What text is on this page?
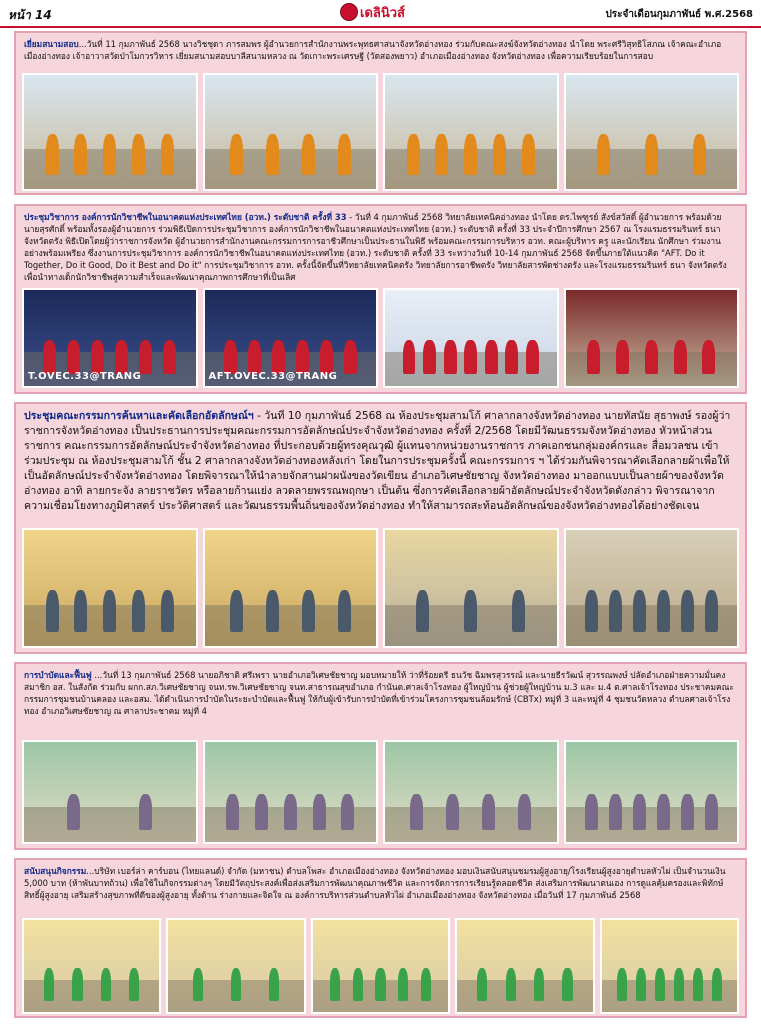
หน้า 14	เดลินิวส์	ประจำเดือนกุมภาพันธ์ พ.ศ.2568
เยี่ยมสนามสอบ...วันที่ 11 กุมภาพันธ์ 2568 นางวิชชุดา ภารสมพร ผู้อำนวยการสำนักงานพระพุทธศาสนาจังหวัดอ่างทอง ร่วมกับคณะสงฆ์จังหวัดอ่างทอง นำโดย พระศรีวิสุทธิโสภณ เจ้าคณะอำเภอเมืองอ่างทอง เจ้าอาวาสวัดป่าโมกวรวิหาร เยี่ยมสนามสอบบาลีสนามหลวง ณ วัดเกาะพระเศรษฐี (วัดสองพยาว) อำเภอเมืองอ่างทอง จังหวัดอ่างทอง เพื่อความเรียบร้อยในการสอบ
ประชุมวิชาการ องค์การนักวิชาชีพในอนาคตแห่งประเทศไทย (อวท.) ระดับชาติ ครั้งที่ 33 - วันที่ 4 กุมภาพันธ์ 2568 วิทยาลัยเทคนิคอ่างทอง นำโดย ดร.ไพฑูรย์ สังข์สวัสดิ์ ผู้อำนวยการ พร้อมด้วย นายสุรศักดิ์ พร้อมทั้งรองผู้อำนวยการ ร่วมพิธีเปิดการประชุมวิชาการ องค์การนักวิชาชีพในอนาคตแห่งประเทศไทย (อวท.) ระดับชาติ ครั้งที่ 33 ประจำปีการศึกษา 2567 ณ โรงแรมธรรมรินทร์ ธนา จังหวัดตรัง พิธีเปิดโดยผู้ว่าราชการจังหวัด ผู้อำนวยการสำนักงานคณะกรรมการการอาชีวศึกษาเป็นประธานในพิธี พร้อมคณะกรรมการบริหาร อวท. คณะผู้บริหาร ครู และนักเรียน นักศึกษา ร่วมงานอย่างพร้อมเพรียง ซึ่งงานการประชุมวิชาการ องค์การนักวิชาชีพในอนาคตแห่งประเทศไทย (อวท.) ระดับชาติ ครั้งที่ 33 ระหว่างวันที่ 10-14 กุมภาพันธ์ 2568 จัดขึ้นภายใต้แนวคิด "AFT. Do it Together, Do it Good, Do it Best and Do it" การประชุมวิชาการ อวท. ครั้งนี้จัดขึ้นที่วิทยาลัยเทคนิคตรัง วิทยาลัยการอาชีพตรัง วิทยาลัยสารพัดช่างตรัง และโรงแรมธรรมรินทร์ ธนา จังหวัดตรัง เพื่อนำทางเด็กนักวิชาชีพสู่ความสำเร็จและพัฒนาคุณภาพการศึกษาที่เป็นเลิศ
T.OVEC.33@TRANG	AFT.OVEC.33@TRANG
ประชุมคณะกรรมการค้นหาและคัดเลือกอัตลักษณ์ฯ - วันที่ 10 กุมภาพันธ์ 2568 ณ ห้องประชุมสามโก้ ศาลากลางจังหวัดอ่างทอง นายทัสนัย สุธาพงษ์ รองผู้ว่าราชการจังหวัดอ่างทอง เป็นประธานการประชุมคณะกรรมการอัตลักษณ์ประจำจังหวัดอ่างทอง ครั้งที่ 2/2568 โดยมีวัฒนธรรมจังหวัดอ่างทอง หัวหน้าส่วนราชการ คณะกรรมการอัตลักษณ์ประจำจังหวัดอ่างทอง ที่ประกอบด้วยผู้ทรงคุณวุฒิ ผู้แทนจากหน่วยงานราชการ ภาคเอกชนกลุ่มองค์กรและ สื่อมวลชน เข้าร่วมประชุม ณ ห้องประชุมสามโก้ ชั้น 2 ศาลากลางจังหวัดอ่างทองหลังเก่า โดยในการประชุมครั้งนี้ คณะกรรมการ ฯ ได้ร่วมกันพิจารณาคัดเลือกลายผ้าเพื่อให้เป็นอัตลักษณ์ประจำจังหวัดอ่างทอง โดยพิจารณาให้นำลายจักสานฝาผนังของวัดเขียน อำเภอวิเศษชัยชาญ จังหวัดอ่างทอง มาออกแบบเป็นลายผ้าของจังหวัดอ่างทอง อาทิ ลายกระจัง ลายราชวัตร หรือลายก้านแย่ง ลวดลายพรรณพฤกษา เป็นต้น ซึ่งการคัดเลือกลายผ้าอัตลักษณ์ประจำจังหวัดดังกล่าว พิจารณาจากความเชื่อมโยงทางภูมิศาสตร์ ประวัติศาสตร์ และวัฒนธรรมพื้นถิ่นของจังหวัดอ่างทอง ทำให้สามารถสะท้อนอัตลักษณ์ของจังหวัดอ่างทองได้อย่างชัดเจน
การบำบัดและฟื้นฟู ...วันที่ 13 กุมภาพันธ์ 2568 นายอภิชาติ ศรีเพรา นายอำเภอวิเศษชัยชาญ มอบหมายให้ ว่าที่ร้อยตรี ธนวัช ฉิมพรสุวรรณ์ และนายธีรวัฒน์ สุวรรณพงษ์ ปลัดอำเภอฝ่ายความมั่นคง สมาชิก อส. ในสังกัด ร่วมกับ ผกก.สภ.วิเศษชัยชาญ จนท.รพ.วิเศษชัยชาญ จนท.สาธารณสุขอำเภอ กำนันต.ศาลเจ้าโรงทอง ผู้ใหญ่บ้าน ผู้ช่วยผู้ใหญ่บ้าน ม.3 และ ม.4 ต.ศาลเจ้าโรงทอง ประชาคมคณะกรรมการชุมชนบ้านคลอง และอสม. ได้ดำเนินการบำบัดในระยะบำบัดและฟื้นฟู ให้กับผู้เข้ารับการบำบัดที่เข้าร่วมโครงการชุมชนล้อมรักษ์ (CBTx) หมู่ที่ 3 และหมู่ที่ 4 ชุมชนวัดหลวง ตำบลศาลเจ้าโรงทอง อำเภอวิเศษชัยชาญ ณ ศาลาประชาคม หมู่ที่ 4
สนับสนุนกิจกรรม...บริษัท เบอร์ล่า คาร์บอน (ไทยแลนด์) จำกัด (มหาชน) ตำบลโพสะ อำเภอเมืองอ่างทอง จังหวัดอ่างทอง มอบเงินสนับสนุนชมรมผู้สูงอายุ/โรงเรียนผู้สูงอายุตำบลหัวไผ่ เป็นจำนวนเงิน 5,000 บาท (ห้าพันบาทถ้วน) เพื่อใช้ในกิจกรรมต่างๆ โดยมีวัตถุประสงค์เพื่อส่งเสริมการพัฒนาคุณภาพชีวิต และการจัดการการเรียนรู้ตลอดชีวิต ส่งเสริมการพัฒนาตนเอง การดูแลคุ้มครองและพิทักษ์สิทธิ์ผู้สูงอายุ เสริมสร้างสุขภาพที่ดีของผู้สูงอายุ ทั้งด้าน ร่างกายและจิตใจ ณ องค์การบริหารส่วนตำบลหัวไผ่ อำเภอเมืองอ่างทอง จังหวัดอ่างทอง เมื่อวันที่ 17 กุมภาพันธ์ 2568
